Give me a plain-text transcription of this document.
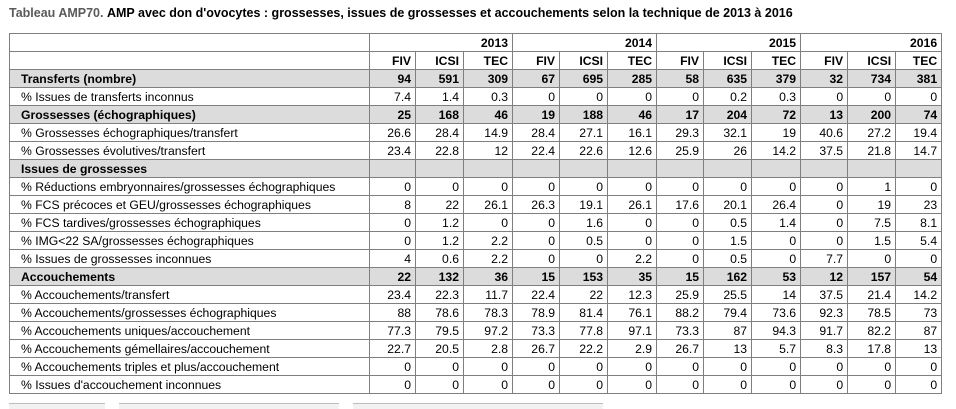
Tableau AMP70. AMP avec don d'ovocytes : grossesses, issues de grossesses et accouchements selon la technique de 2013 à 2016
	2013			2014			2015			2016		
	FIV	ICSI	TEC	FIV	ICSI	TEC	FIV	ICSI	TEC	FIV	ICSI	TEC
Transferts (nombre)	94	591	309	67	695	285	58	635	379	32	734	381
% Issues de transferts inconnus	7.4	1.4	0.3	0	0	0	0	0.2	0.3	0	0	0
Grossesses (échographiques)	25	168	46	19	188	46	17	204	72	13	200	74
% Grossesses échographiques/transfert	26.6	28.4	14.9	28.4	27.1	16.1	29.3	32.1	19	40.6	27.2	19.4
% Grossesses évolutives/transfert	23.4	22.8	12	22.4	22.6	12.6	25.9	26	14.2	37.5	21.8	14.7
Issues de grossesses												
% Réductions embryonnaires/grossesses échographiques	0	0	0	0	0	0	0	0	0	0	1	0
% FCS précoces et GEU/grossesses échographiques	8	22	26.1	26.3	19.1	26.1	17.6	20.1	26.4	0	19	23
% FCS tardives/grossesses échographiques	0	1.2	0	0	1.6	0	0	0.5	1.4	0	7.5	8.1
% IMG<22 SA/grossesses échographiques	0	1.2	2.2	0	0.5	0	0	1.5	0	0	1.5	5.4
% Issues de grossesses inconnues	4	0.6	2.2	0	0	2.2	0	0.5	0	7.7	0	0
Accouchements	22	132	36	15	153	35	15	162	53	12	157	54
% Accouchements/transfert	23.4	22.3	11.7	22.4	22	12.3	25.9	25.5	14	37.5	21.4	14.2
% Accouchements/grossesses échographiques	88	78.6	78.3	78.9	81.4	76.1	88.2	79.4	73.6	92.3	78.5	73
% Accouchements uniques/accouchement	77.3	79.5	97.2	73.3	77.8	97.1	73.3	87	94.3	91.7	82.2	87
% Accouchements gémellaires/accouchement	22.7	20.5	2.8	26.7	22.2	2.9	26.7	13	5.7	8.3	17.8	13
% Accouchements triples et plus/accouchement	0	0	0	0	0	0	0	0	0	0	0	0
% Issues d'accouchement inconnues	0	0	0	0	0	0	0	0	0	0	0	0
